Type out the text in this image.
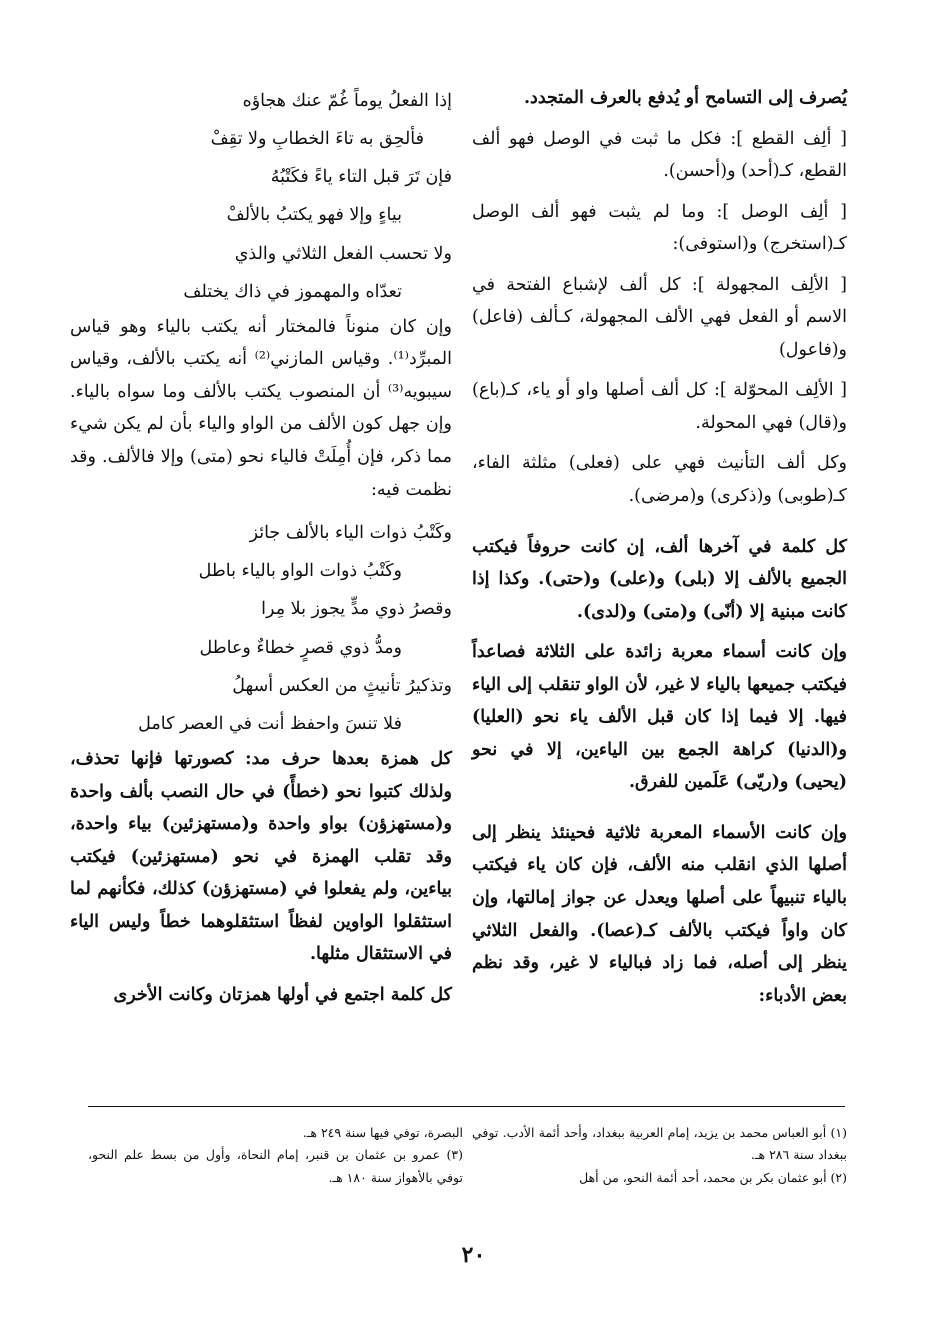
يُصرف إلى التسامح أو يُدفع بالعرف المتجدد.

[ ألِف القطع ]: فكل ما ثبت في الوصل فهو ألف القطع، كـ(أحد) و(أحسن).

[ ألِف الوصل ]: وما لم يثبت فهو ألف الوصل كـ(استخرج) و(استوفى):

[ الألِف المجهولة ]: كل ألف لإشباع الفتحة في الاسم أو الفعل فهي الألف المجهولة، كـألف (فاعل) و(فاعول)

[ الألِف المحوّلة ]: كل ألف أصلها واو أو ياء، كـ(باع) و(قال) فهي المحولة.

وكل ألف التأنيث فهي على (فعلى) مثلثة الفاء، كـ(طوبى) و(ذكرى) و(مرضى).

كل كلمة في آخرها ألف، إن كانت حروفاً فيكتب الجميع بالألف إلا (بلى) و(على) و(حتى). وكذا إذا كانت مبنية إلا (أنّى) و(متى) و(لدى).

وإن كانت أسماء معربة زائدة على الثلاثة فصاعداً فيكتب جميعها بالياء لا غير، لأن الواو تنقلب إلى الياء فيها. إلا فيما إذا كان قبل الألف ياء نحو (العليا) و(الدنيا) كراهة الجمع بين الياءين، إلا في نحو (يحيى) و(ريّى) عَلَمين للفرق.

وإن كانت الأسماء المعربة ثلاثية فحينئذ ينظر إلى أصلها الذي انقلب منه الألف، فإن كان ياء فيكتب بالياء تنبيهاً على أصلها ويعدل عن جواز إمالتها، وإن كان واواً فيكتب بالألف كـ(عصا). والفعل الثلاثي ينظر إلى أصله، فما زاد فبالياء لا غير، وقد نظم بعض الأدباء:

إذا الفعلُ يوماً غُمّ عنك هجاؤه

فألحِق به تاءَ الخطابِ ولا تقِفْ

فإن تَرَ قبل التاء ياءً فكَتْبُهُ

بياءٍ وإلا فهو يكتبُ بالألفْ

ولا تحسب الفعل الثلاثي والذي

تعدّاه والمهموز في ذاك يختلف

وإن كان منوناً فالمختار أنه يكتب بالياء وهو قياس المبرِّد⁽¹⁾. وقياس المازني⁽²⁾ أنه يكتب بالألف، وقياس سيبويه⁽³⁾ أن المنصوب يكتب بالألف وما سواه بالياء. وإن جهل كون الألف من الواو والياء بأن لم يكن شيء مما ذكر، فإن أُمِلَتْ فالياء نحو (متى) وإلا فالألف. وقد نظمت فيه:

وكَتْبُ ذوات الياء بالألف جائز

وكَتْبُ ذوات الواو بالياء باطل

وقصرُ ذوي مدٍّ يجوز بلا مِرا

ومدُّ ذوي قصرٍ خطاءٌ وعاطل

وتذكيرُ تأنيثٍ من العكس أسهلُ

فلا تنسَ واحفظ أنت في العصر كامل

كل همزة بعدها حرف مد: كصورتها فإنها تحذف، ولذلك كتبوا نحو (خطأً) في حال النصب بألف واحدة و(مستهزؤن) بواو واحدة و(مستهزئين) بياء واحدة، وقد تقلب الهمزة في نحو (مستهزئين) فيكتب بياءين، ولم يفعلوا في (مستهزؤن) كذلك، فكأنهم لما استثقلوا الواوين لفظاً استثقلوهما خطاً وليس الياء في الاستثقال مثلها.

كل كلمة اجتمع في أولها همزتان وكانت الأخرى

(١) أبو العباس محمد بن يزيد، إمام العربية ببغداد، وأحد أئمة الأدب. توفي ببغداد سنة ٢٨٦ هـ.

(٢) أبو عثمان بكر بن محمد، أحد أئمة النحو، من أهل

البصرة، توفي فيها سنة ٢٤٩ هـ.

(٣) عمرو بن عثمان بن قنبر، إمام النحاة، وأول من بسط علم النحو، توفي بالأهواز سنة ١٨٠ هـ.

٢٠
